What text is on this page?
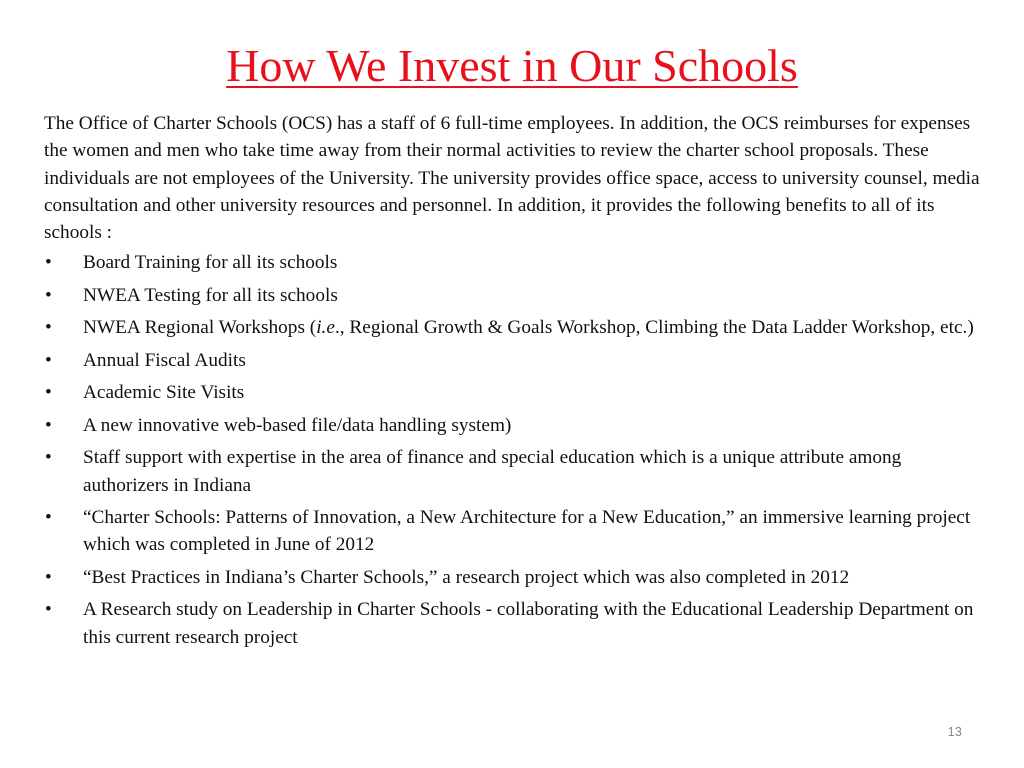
How We Invest in Our Schools

The Office of Charter Schools (OCS) has a staff of 6 full-time employees. In addition, the OCS reimburses for expenses the women and men who take time away from their normal activities to review the charter school proposals. These individuals are not employees of the University. The university provides office space, access to university counsel, media consultation and other university resources and personnel. In addition, it provides the following benefits to all of its schools :

• Board Training for all its schools
• NWEA Testing for all its schools
• NWEA Regional Workshops (i.e., Regional Growth & Goals Workshop, Climbing the Data Ladder Workshop, etc.)
• Annual Fiscal Audits
• Academic Site Visits
• A new innovative web-based file/data handling system)
• Staff support with expertise in the area of finance and special education which is a unique attribute among authorizers in Indiana
• “Charter Schools: Patterns of Innovation, a New Architecture for a New Education,” an immersive learning project which was completed in June of 2012
• “Best Practices in Indiana’s Charter Schools,” a research project which was also completed in 2012
• A Research study on Leadership in Charter Schools - collaborating with the Educational Leadership Department on this current research project
13
